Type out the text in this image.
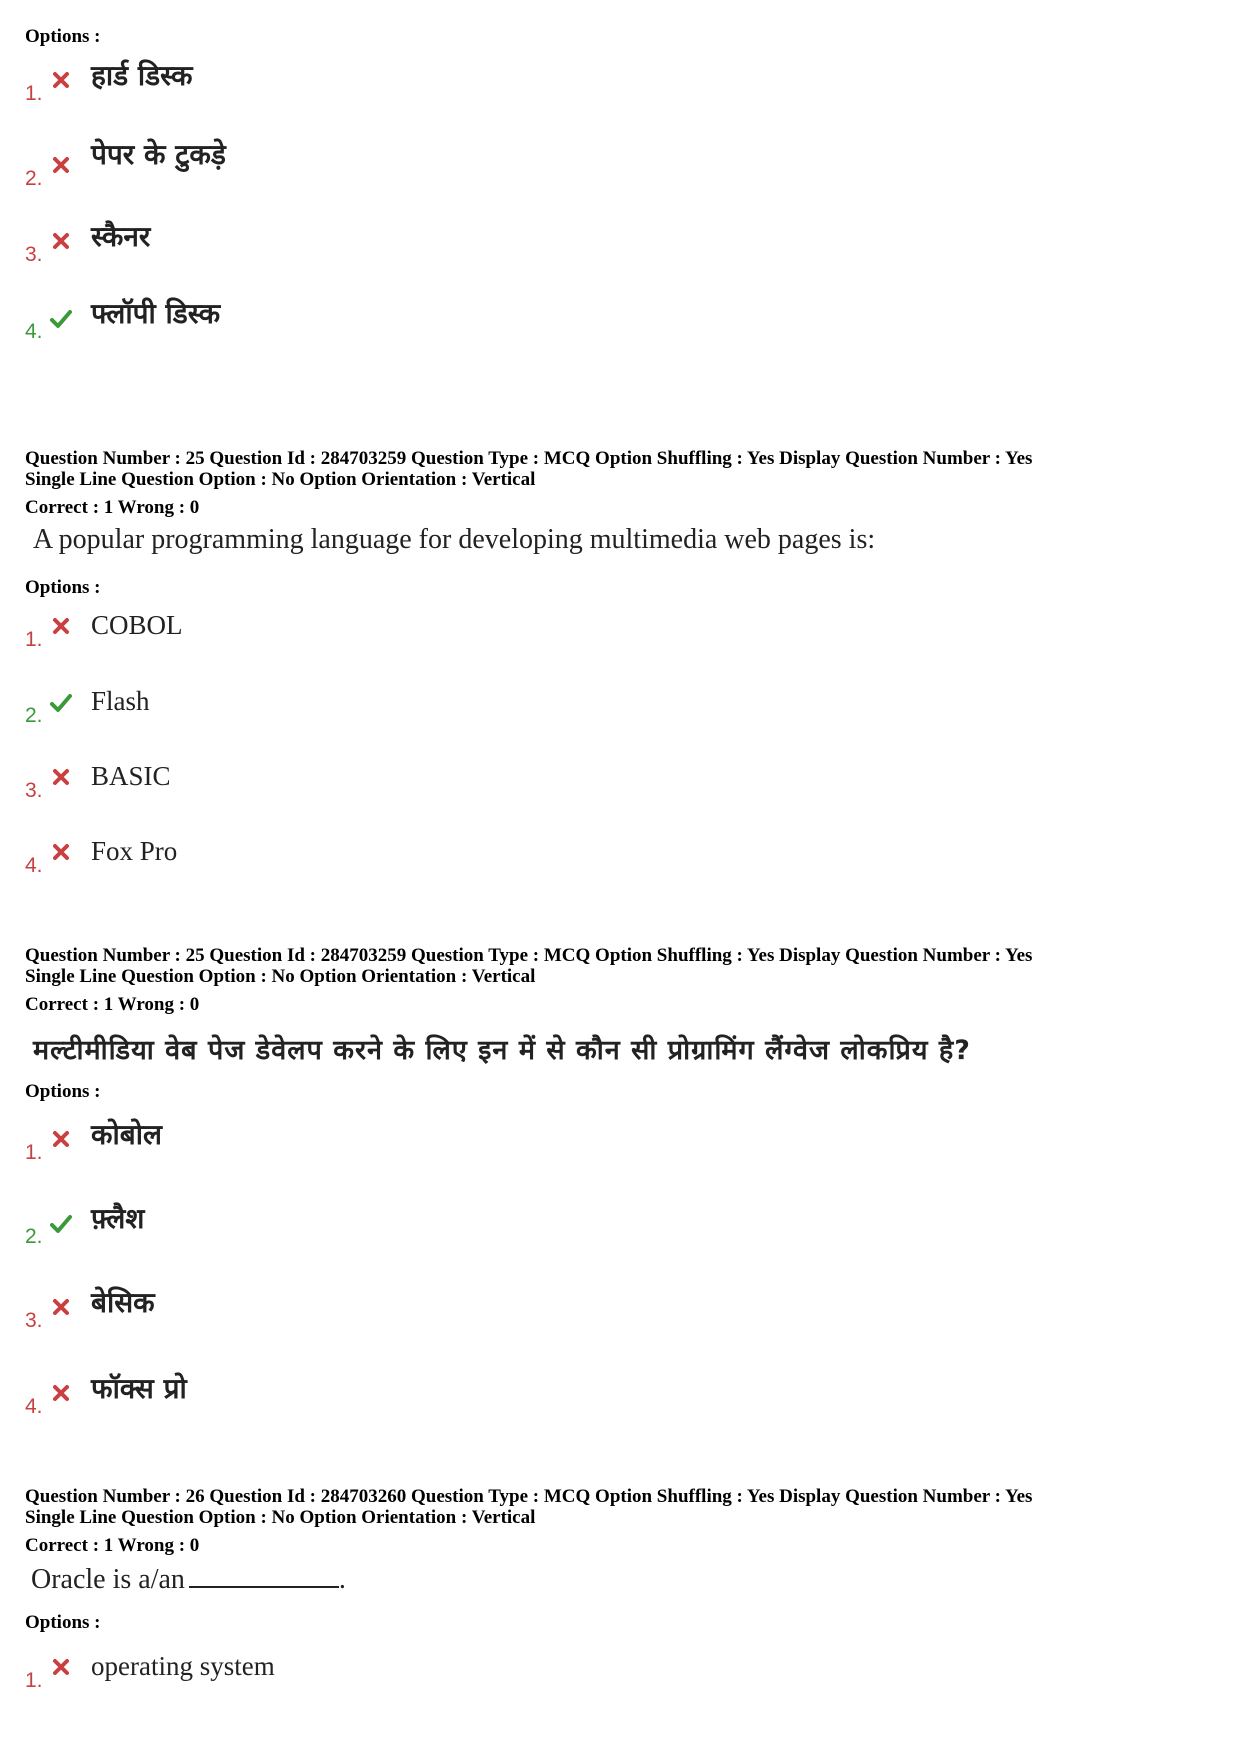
Options :
1.
हार्ड डिस्क
2.
पेपर के टुकड़े
3.
स्कैनर
4.
फ्लॉपी डिस्क
Question Number : 25 Question Id : 284703259 Question Type : MCQ Option Shuffling : Yes Display Question Number : Yes
Single Line Question Option : No Option Orientation : Vertical
Correct : 1 Wrong : 0
A popular programming language for developing multimedia web pages is:
Options :
1. COBOL
2. Flash
3. BASIC
4. Fox Pro
Question Number : 25 Question Id : 284703259 Question Type : MCQ Option Shuffling : Yes Display Question Number : Yes
Single Line Question Option : No Option Orientation : Vertical
Correct : 1 Wrong : 0
मल्टीमीडिया वेब पेज डेवेलप करने के लिए इन में से कौन सी प्रोग्रामिंग लैंग्वेज लोकप्रिय है?
Options :
1.
कोबोल
2.
फ़्लैश
3.
बेसिक
4.
फॉक्स प्रो
Question Number : 26 Question Id : 284703260 Question Type : MCQ Option Shuffling : Yes Display Question Number : Yes
Single Line Question Option : No Option Orientation : Vertical
Correct : 1 Wrong : 0
Oracle is a/an	.
Options :
1. operating system
